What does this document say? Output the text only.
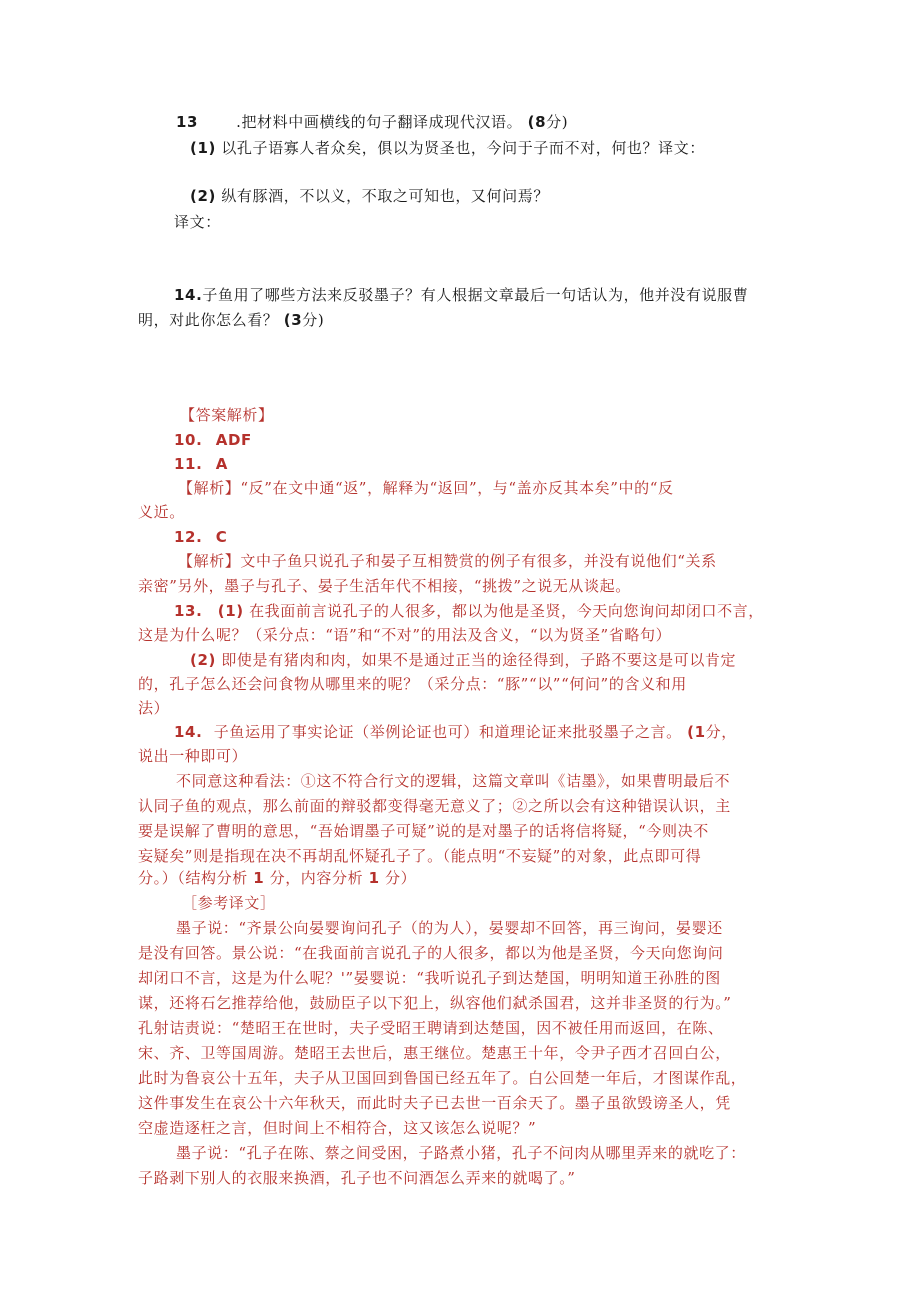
13	.把材料中画横线的句子翻译成现代汉语。 (8分)
(1) 以孔子语寡人者众矣，俱以为贤圣也，今问于子而不对，何也？译文：
(2) 纵有豚酒，不以义，不取之可知也，又何问焉？
译文：
14.子鱼用了哪些方法来反驳墨子？有人根据文章最后一句话认为，他并没有说服曹
明，对此你怎么看？ (3分)
【答案解析】
10. ADF
11. A
【解析】“反”在文中通“返”，解释为“返回”，与“盖亦反其本矣”中的“反
义近。
12. C
【解析】文中子鱼只说孔子和晏子互相赞赏的例子有很多，并没有说他们“关系
亲密”另外，墨子与孔子、晏子生活年代不相接，“挑拨”之说无从谈起。
13. (1) 在我面前言说孔子的人很多，都以为他是圣贤，今天向您询问却闭口不言，
这是为什么呢？（采分点：“语”和“不对”的用法及含义，“以为贤圣”省略句）
(2) 即使是有猪肉和肉，如果不是通过正当的途径得到，子路不要这是可以肯定
的，孔子怎么还会问食物从哪里来的呢？（采分点：“豚”“以”“何问”的含义和用
法）
14. 子鱼运用了事实论证（举例论证也可）和道理论证来批驳墨子之言。 (1分，
说出一种即可）
不同意这种看法：①这不符合行文的逻辑，这篇文章叫《诘墨》，如果曹明最后不
认同子鱼的观点，那么前面的辩驳都变得毫无意义了；②之所以会有这种错误认识，主
要是误解了曹明的意思，“吾始谓墨子可疑”说的是对墨子的话将信将疑，“今则决不
妄疑矣”则是指现在决不再胡乱怀疑孔子了。（能点明“不妄疑”的对象，此点即可得
分。）（结构分析 1 分，内容分析 1 分）
［参考译文］
墨子说：“齐景公向晏婴询问孔子（的为人），晏婴却不回答，再三询问，晏婴还
是没有回答。景公说：“在我面前言说孔子的人很多，都以为他是圣贤，今天向您询问
却闭口不言，这是为什么呢？'”晏婴说：“我听说孔子到达楚国，明明知道王孙胜的图
谋，还将石乞推荐给他，鼓励臣子以下犯上，纵容他们弑杀国君，这并非圣贤的行为。”
孔射诘责说：“楚昭王在世时，夫子受昭王聘请到达楚国，因不被任用而返回，在陈、
宋、齐、卫等国周游。楚昭王去世后，惠王继位。楚惠王十年，令尹子西才召回白公，
此时为鲁哀公十五年，夫子从卫国回到鲁国已经五年了。白公回楚一年后，才图谋作乱，
这件事发生在哀公十六年秋天，而此时夫子已去世一百余天了。墨子虽欲毁谤圣人，凭
空虚造逐枉之言，但时间上不相符合，这又该怎么说呢？”
墨子说：“孔子在陈、蔡之间受困，子路煮小猪，孔子不问肉从哪里弄来的就吃了：
子路剥下别人的衣服来换酒，孔子也不问酒怎么弄来的就喝了。”
